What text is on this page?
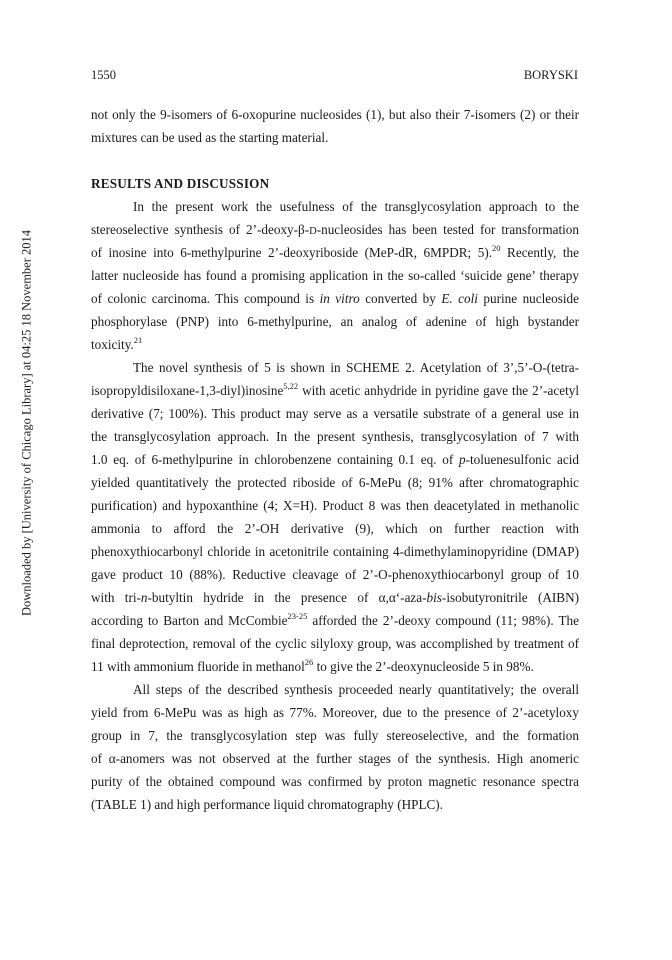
1550	BORYSKI
Downloaded by [University of Chicago Library] at 04:25 18 November 2014
not only the 9-isomers of 6-oxopurine nucleosides (1), but also their 7-isomers (2) or their
mixtures can be used as the starting material.
RESULTS AND DISCUSSION
In the present work the usefulness of the transglycosylation approach to the
stereoselective synthesis of 2’-deoxy-β-D-nucleosides has been tested for transformation
of inosine into 6-methylpurine 2’-deoxyriboside (MeP-dR, 6MPDR; 5).$^{20}$ Recently, the
latter nucleoside has found a promising application in the so-called ‘suicide gene’ therapy
of colonic carcinoma. This compound is in vitro converted by E. coli purine nucleoside
phosphorylase (PNP) into 6-methylpurine, an analog of adenine of high bystander
toxicity.$^{21}$
The novel synthesis of 5 is shown in SCHEME 2. Acetylation of 3’,5’-O-(tetra-
isopropyldisiloxane-1,3-diyl)inosine$^{5,22}$ with acetic anhydride in pyridine gave the 2’-acetyl
derivative (7; 100%). This product may serve as a versatile substrate of a general use in
the transglycosylation approach. In the present synthesis, transglycosylation of 7 with
1.0 eq. of 6-methylpurine in chlorobenzene containing 0.1 eq. of p-toluenesulfonic acid
yielded quantitatively the protected riboside of 6-MePu (8; 91% after chromatographic
purification) and hypoxanthine (4; X=H). Product 8 was then deacetylated in methanolic
ammonia to afford the 2’-OH derivative (9), which on further reaction with
phenoxythiocarbonyl chloride in acetonitrile containing 4-dimethylaminopyridine (DMAP)
gave product 10 (88%). Reductive cleavage of 2’-O-phenoxythiocarbonyl group of 10
with tri-n-butyltin hydride in the presence of α,α‘-aza-bis-isobutyronitrile (AIBN)
according to Barton and McCombie$^{23-25}$ afforded the 2’-deoxy compound (11; 98%). The
final deprotection, removal of the cyclic silyloxy group, was accomplished by treatment of
11 with ammonium fluoride in methanol$^{26}$ to give the 2’-deoxynucleoside 5 in 98%.
All steps of the described synthesis proceeded nearly quantitatively; the overall
yield from 6-MePu was as high as 77%. Moreover, due to the presence of 2’-acetyloxy
group in 7, the transglycosylation step was fully stereoselective, and the formation
of α-anomers was not observed at the further stages of the synthesis. High anomeric
purity of the obtained compound was confirmed by proton magnetic resonance spectra
(TABLE 1) and high performance liquid chromatography (HPLC).
